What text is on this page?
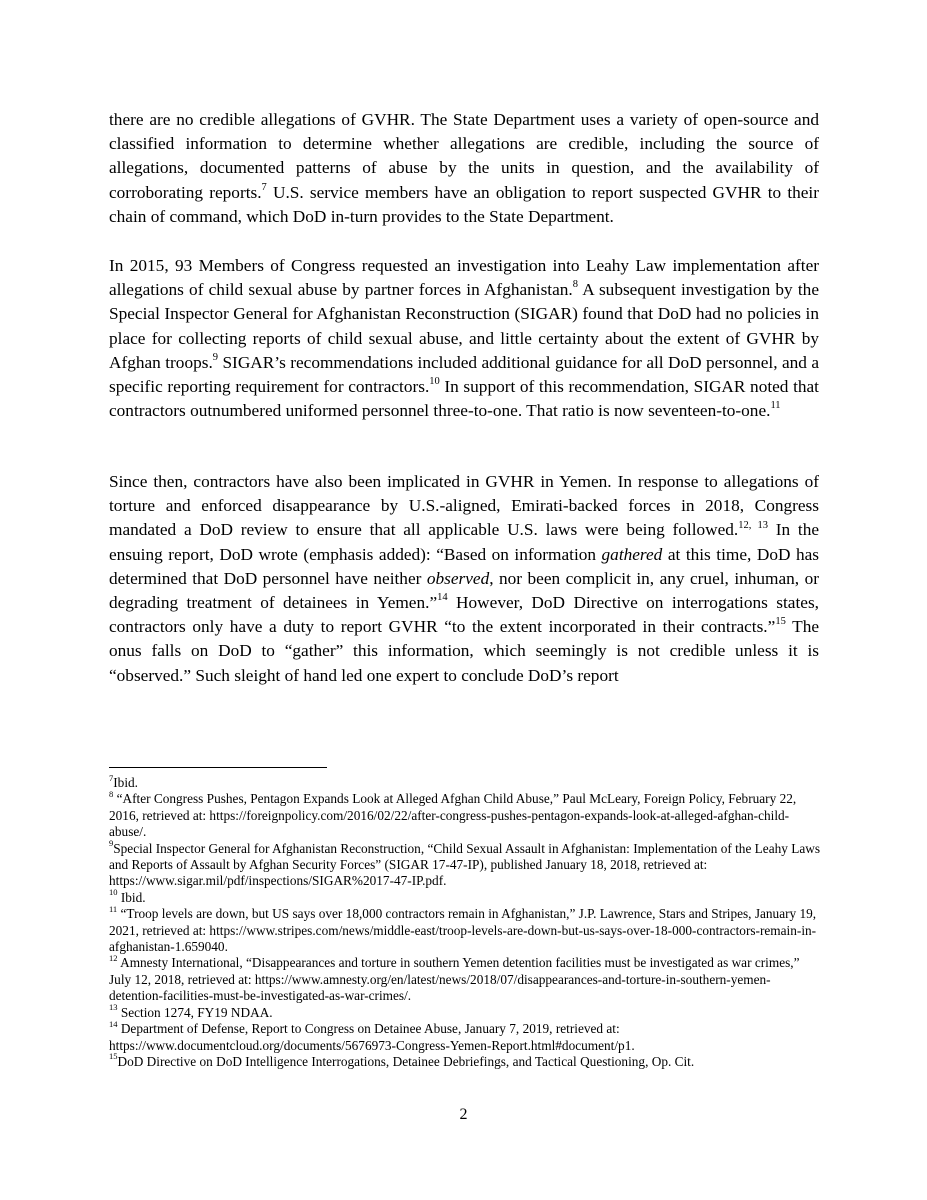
there are no credible allegations of GVHR. The State Department uses a variety of open-source and classified information to determine whether allegations are credible, including the source of allegations, documented patterns of abuse by the units in question, and the availability of corroborating reports.$^7$ U.S. service members have an obligation to report suspected GVHR to their chain of command, which DoD in-turn provides to the State Department.

In 2015, 93 Members of Congress requested an investigation into Leahy Law implementation after allegations of child sexual abuse by partner forces in Afghanistan.$^8$ A subsequent investigation by the Special Inspector General for Afghanistan Reconstruction (SIGAR) found that DoD had no policies in place for collecting reports of child sexual abuse, and little certainty about the extent of GVHR by Afghan troops.$^9$ SIGAR’s recommendations included additional guidance for all DoD personnel, and a specific reporting requirement for contractors.$^{10}$ In support of this recommendation, SIGAR noted that contractors outnumbered uniformed personnel three-to-one. That ratio is now seventeen-to-one.$^{11}$

Since then, contractors have also been implicated in GVHR in Yemen. In response to allegations of torture and enforced disappearance by U.S.-aligned, Emirati-backed forces in 2018, Congress mandated a DoD review to ensure that all applicable U.S. laws were being followed.$^{12, 13}$ In the ensuing report, DoD wrote (emphasis added): “Based on information gathered at this time, DoD has determined that DoD personnel have neither observed, nor been complicit in, any cruel, inhuman, or degrading treatment of detainees in Yemen.”$^{14}$ However, DoD Directive on interrogations states, contractors only have a duty to report GVHR “to the extent incorporated in their contracts.”$^{15}$ The onus falls on DoD to “gather” this information, which seemingly is not credible unless it is “observed.” Such sleight of hand led one expert to conclude DoD’s report

$^7$Ibid.

$^8$ “After Congress Pushes, Pentagon Expands Look at Alleged Afghan Child Abuse,” Paul McLeary, Foreign Policy, February 22, 2016, retrieved at: https://foreignpolicy.com/2016/02/22/after-congress-pushes-pentagon-expands-look-at-alleged-afghan-child-abuse/.

$^9$Special Inspector General for Afghanistan Reconstruction, “Child Sexual Assault in Afghanistan: Implementation of the Leahy Laws and Reports of Assault by Afghan Security Forces” (SIGAR 17-47-IP), published January 18, 2018, retrieved at: https://www.sigar.mil/pdf/inspections/SIGAR%2017-47-IP.pdf.

$^{10}$ Ibid.

$^{11}$ “Troop levels are down, but US says over 18,000 contractors remain in Afghanistan,” J.P. Lawrence, Stars and Stripes, January 19, 2021, retrieved at: https://www.stripes.com/news/middle-east/troop-levels-are-down-but-us-says-over-18-000-contractors-remain-in-afghanistan-1.659040.

$^{12}$ Amnesty International, “Disappearances and torture in southern Yemen detention facilities must be investigated as war crimes,” July 12, 2018, retrieved at: https://www.amnesty.org/en/latest/news/2018/07/disappearances-and-torture-in-southern-yemen-detention-facilities-must-be-investigated-as-war-crimes/.

$^{13}$ Section 1274, FY19 NDAA.

$^{14}$ Department of Defense, Report to Congress on Detainee Abuse, January 7, 2019, retrieved at: https://www.documentcloud.org/documents/5676973-Congress-Yemen-Report.html#document/p1.

$^{15}$DoD Directive on DoD Intelligence Interrogations, Detainee Debriefings, and Tactical Questioning, Op. Cit.

2
